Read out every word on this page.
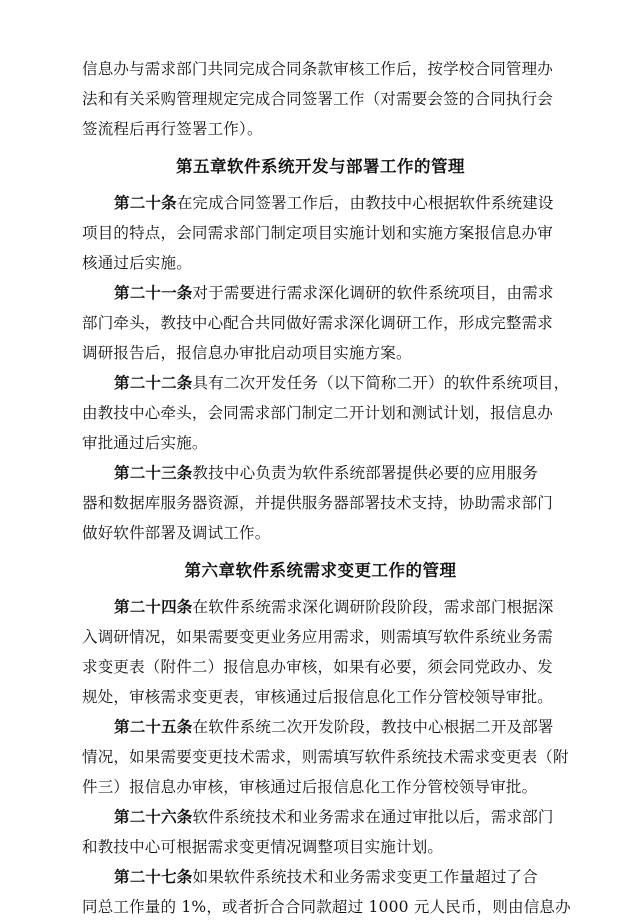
信息办与需求部门共同完成合同条款审核工作后，按学校合同管理办
法和有关采购管理规定完成合同签署工作（对需要会签的合同执行会
签流程后再行签署工作）。
第五章软件系统开发与部署工作的管理
第二十条在完成合同签署工作后，由教技中心根据软件系统建设
项目的特点，会同需求部门制定项目实施计划和实施方案报信息办审
核通过后实施。
第二十一条对于需要进行需求深化调研的软件系统项目，由需求
部门牵头，教技中心配合共同做好需求深化调研工作，形成完整需求
调研报告后，报信息办审批启动项目实施方案。
第二十二条具有二次开发任务（以下简称二开）的软件系统项目，
由教技中心牵头，会同需求部门制定二开计划和测试计划，报信息办
审批通过后实施。
第二十三条教技中心负责为软件系统部署提供必要的应用服务
器和数据库服务器资源，并提供服务器部署技术支持，协助需求部门
做好软件部署及调试工作。
第六章软件系统需求变更工作的管理
第二十四条在软件系统需求深化调研阶段阶段，需求部门根据深
入调研情况，如果需要变更业务应用需求，则需填写软件系统业务需
求变更表（附件二）报信息办审核，如果有必要，须会同党政办、发
规处，审核需求变更表，审核通过后报信息化工作分管校领导审批。
第二十五条在软件系统二次开发阶段，教技中心根据二开及部署
情况，如果需要变更技术需求，则需填写软件系统技术需求变更表（附
件三）报信息办审核，审核通过后报信息化工作分管校领导审批。
第二十六条软件系统技术和业务需求在通过审批以后，需求部门
和教技中心可根据需求变更情况调整项目实施计划。
第二十七条如果软件系统技术和业务需求变更工作量超过了合
同总工作量的 1%，或者折合合同款超过 1000 元人民币，则由信息办
